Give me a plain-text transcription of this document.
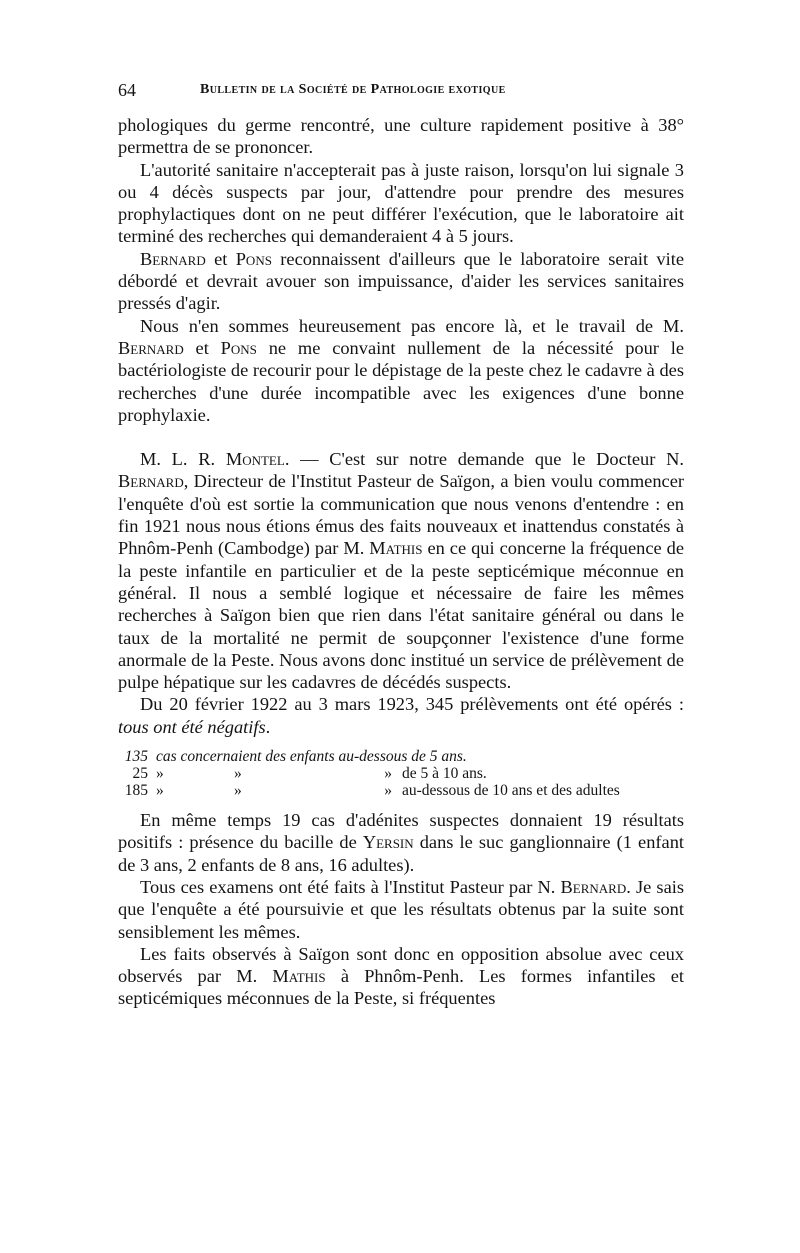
64	Bulletin de la Société de Pathologie exotique

phologiques du germe rencontré, une culture rapidement positive à 38° permettra de se prononcer.

L'autorité sanitaire n'accepterait pas à juste raison, lorsqu'on lui signale 3 ou 4 décès suspects par jour, d'attendre pour prendre des mesures prophylactiques dont on ne peut différer l'exécution, que le laboratoire ait terminé des recherches qui demanderaient 4 à 5 jours.

Bernard et Pons reconnaissent d'ailleurs que le laboratoire serait vite débordé et devrait avouer son impuissance, d'aider les services sanitaires pressés d'agir.

Nous n'en sommes heureusement pas encore là, et le travail de M. Bernard et Pons ne me convaint nullement de la nécessité pour le bactériologiste de recourir pour le dépistage de la peste chez le cadavre à des recherches d'une durée incompatible avec les exigences d'une bonne prophylaxie.

M. L. R. Montel. — C'est sur notre demande que le Docteur N. Bernard, Directeur de l'Institut Pasteur de Saïgon, a bien voulu commencer l'enquête d'où est sortie la communication que nous venons d'entendre : en fin 1921 nous nous étions émus des faits nouveaux et inattendus constatés à Phnôm-Penh (Cambodge) par M. Mathis en ce qui concerne la fréquence de la peste infantile en particulier et de la peste septicémique méconnue en général. Il nous a semblé logique et nécessaire de faire les mêmes recherches à Saïgon bien que rien dans l'état sanitaire général ou dans le taux de la mortalité ne permit de soupçonner l'existence d'une forme anormale de la Peste. Nous avons donc institué un service de prélèvement de pulpe hépatique sur les cadavres de décédés suspects.

Du 20 février 1922 au 3 mars 1923, 345 prélèvements ont été opérés : tous ont été négatifs.

135 cas concernaient des enfants au-dessous de 5 ans.
25 »	»	» de 5 à 10 ans.
185 »	»	» au-dessous de 10 ans et des adultes

En même temps 19 cas d'adénites suspectes donnaient 19 résultats positifs : présence du bacille de Yersin dans le suc ganglionnaire (1 enfant de 3 ans, 2 enfants de 8 ans, 16 adultes).

Tous ces examens ont été faits à l'Institut Pasteur par N. Bernard. Je sais que l'enquête a été poursuivie et que les résultats obtenus par la suite sont sensiblement les mêmes.

Les faits observés à Saïgon sont donc en opposition absolue avec ceux observés par M. Mathis à Phnôm-Penh. Les formes infantiles et septicémiques méconnues de la Peste, si fréquentes
